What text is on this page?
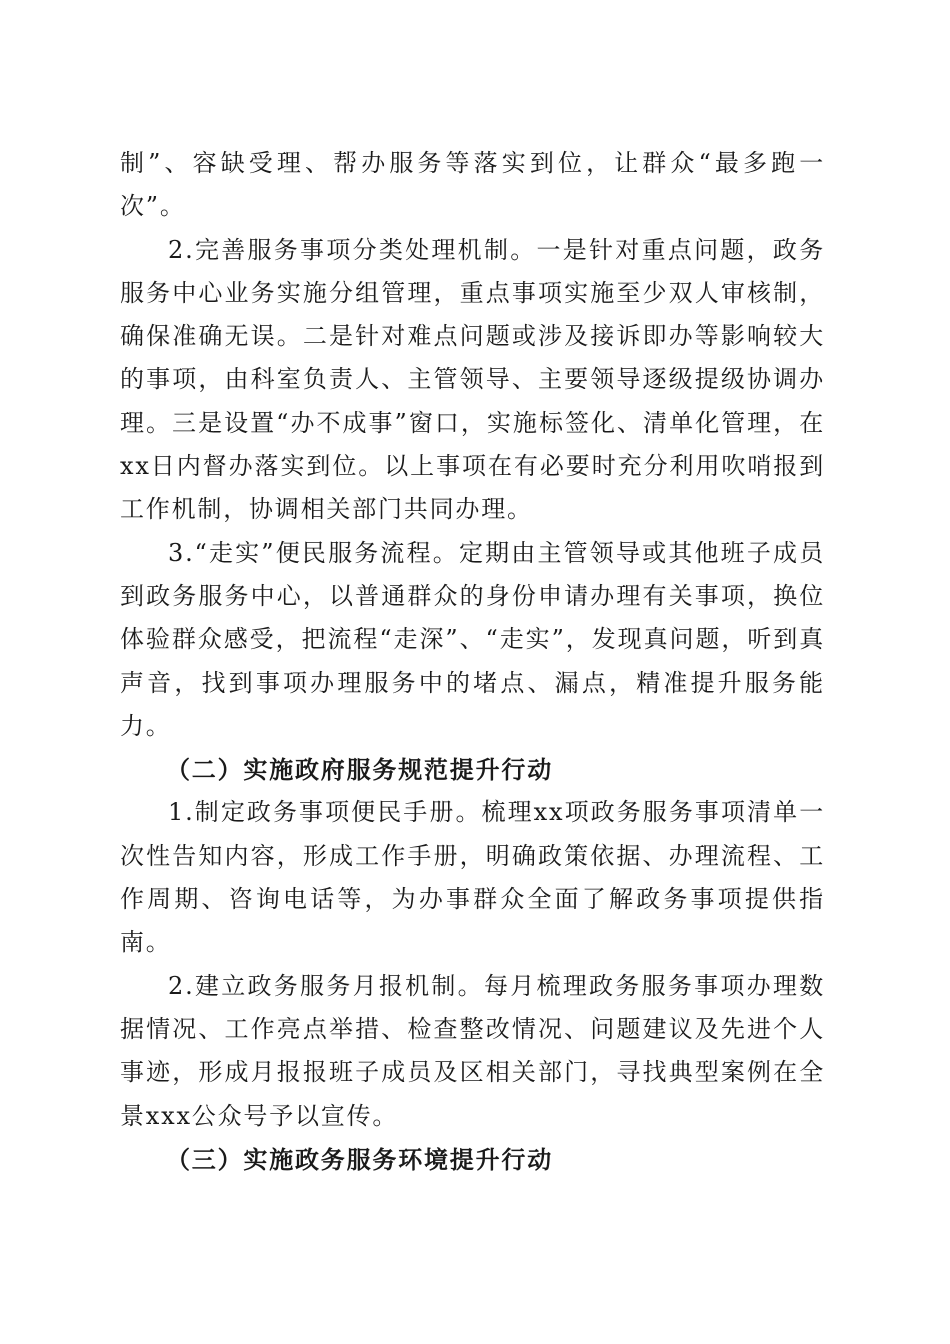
制”、容缺受理、帮办服务等落实到位，让群众“最多跑一次”。

2.完善服务事项分类处理机制。一是针对重点问题，政务服务中心业务实施分组管理，重点事项实施至少双人审核制，确保准确无误。二是针对难点问题或涉及接诉即办等影响较大的事项，由科室负责人、主管领导、主要领导逐级提级协调办理。三是设置“办不成事”窗口，实施标签化、清单化管理，在xx日内督办落实到位。以上事项在有必要时充分利用吹哨报到工作机制，协调相关部门共同办理。

3.“走实”便民服务流程。定期由主管领导或其他班子成员到政务服务中心，以普通群众的身份申请办理有关事项，换位体验群众感受，把流程“走深”、“走实”，发现真问题，听到真声音，找到事项办理服务中的堵点、漏点，精准提升服务能力。

（二）实施政府服务规范提升行动

1.制定政务事项便民手册。梳理xx项政务服务事项清单一次性告知内容，形成工作手册，明确政策依据、办理流程、工作周期、咨询电话等，为办事群众全面了解政务事项提供指南。

2.建立政务服务月报机制。每月梳理政务服务事项办理数据情况、工作亮点举措、检查整改情况、问题建议及先进个人事迹，形成月报报班子成员及区相关部门，寻找典型案例在全景xxx公众号予以宣传。

（三）实施政务服务环境提升行动
